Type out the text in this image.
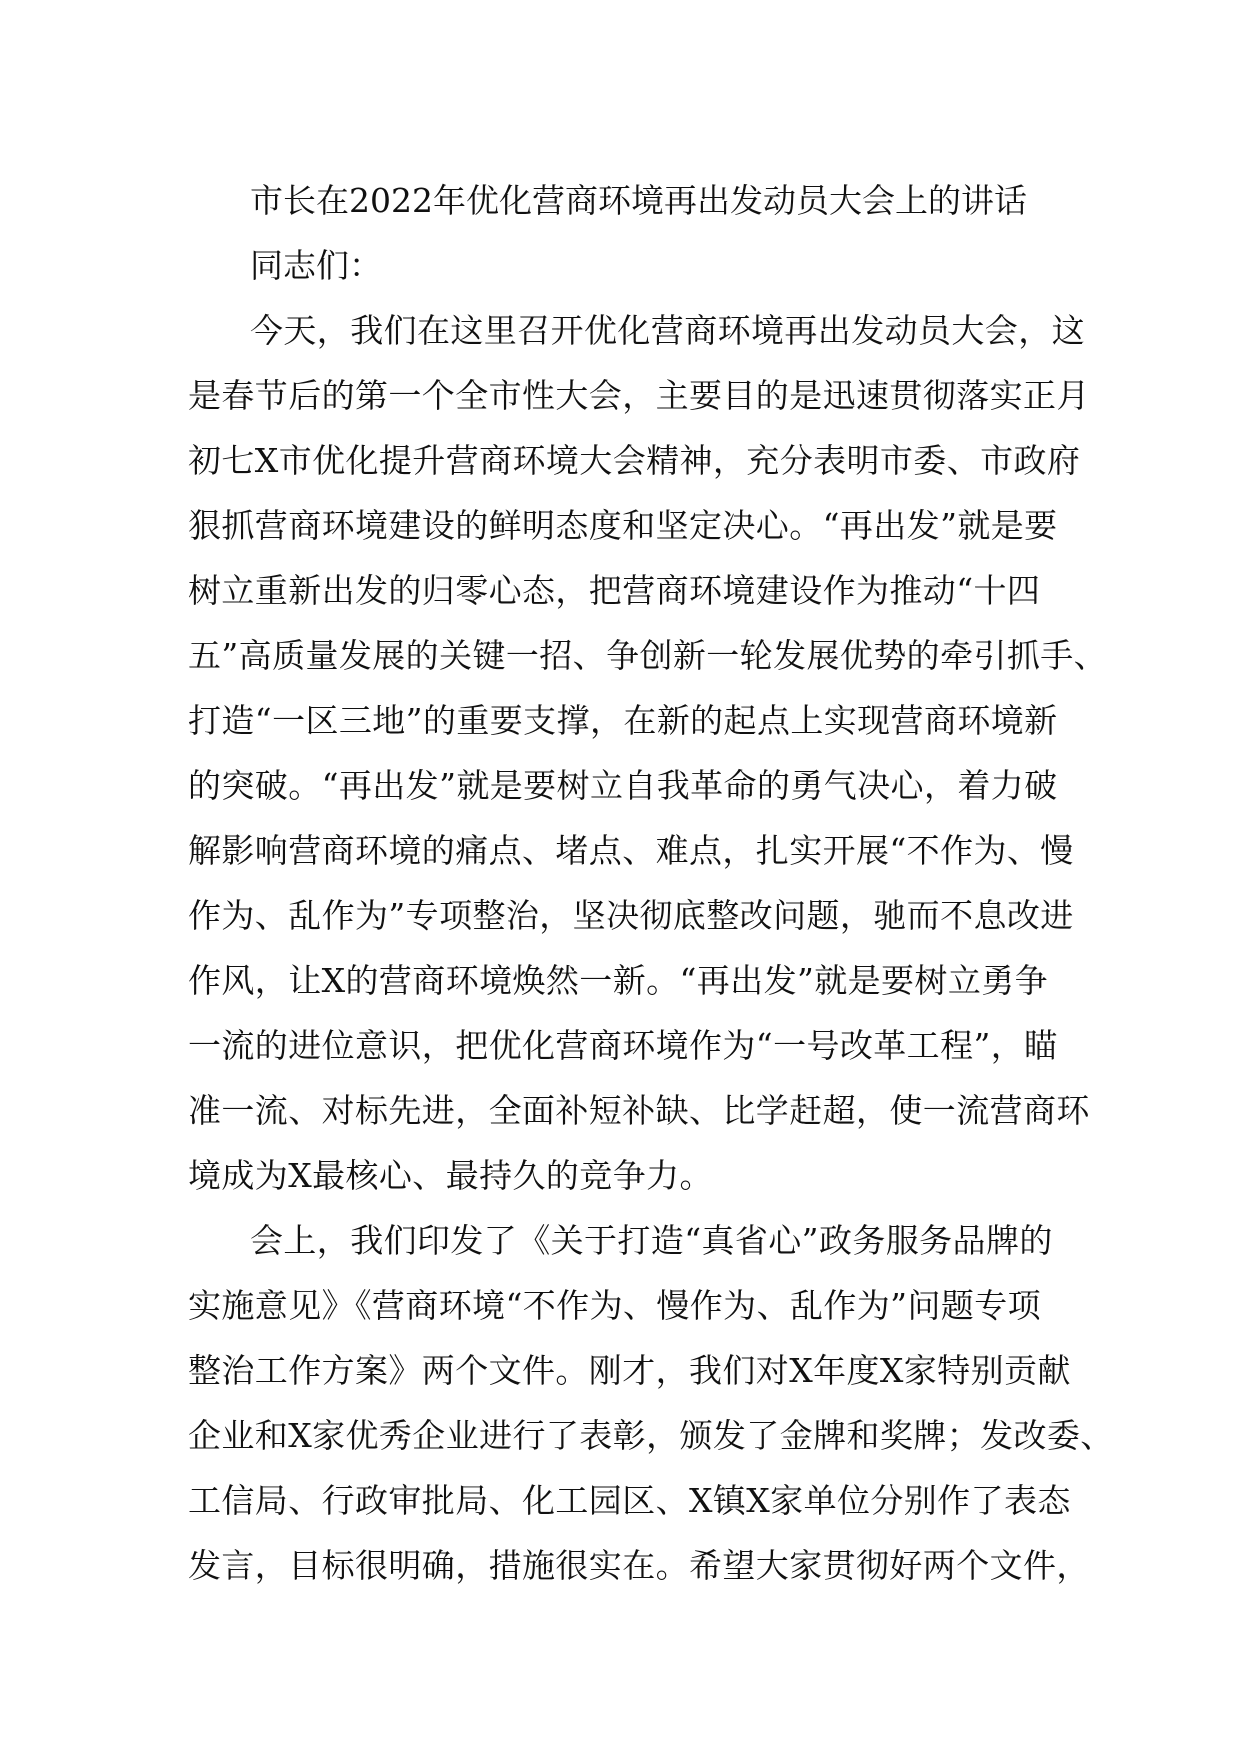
市长在2022年优化营商环境再出发动员大会上的讲话

同志们：

今天，我们在这里召开优化营商环境再出发动员大会，这
是春节后的第一个全市性大会，主要目的是迅速贯彻落实正月
初七X市优化提升营商环境大会精神，充分表明市委、市政府
狠抓营商环境建设的鲜明态度和坚定决心。“再出发”就是要
树立重新出发的归零心态，把营商环境建设作为推动“十四
五”高质量发展的关键一招、争创新一轮发展优势的牵引抓手、
打造“一区三地”的重要支撑，在新的起点上实现营商环境新
的突破。“再出发”就是要树立自我革命的勇气决心，着力破
解影响营商环境的痛点、堵点、难点，扎实开展“不作为、慢
作为、乱作为”专项整治，坚决彻底整改问题，驰而不息改进
作风，让X的营商环境焕然一新。“再出发”就是要树立勇争
一流的进位意识，把优化营商环境作为“一号改革工程”，瞄
准一流、对标先进，全面补短补缺、比学赶超，使一流营商环
境成为X最核心、最持久的竞争力。
会上，我们印发了《关于打造“真省心”政务服务品牌的
实施意见》《营商环境“不作为、慢作为、乱作为”问题专项
整治工作方案》两个文件。刚才，我们对X年度X家特别贡献
企业和X家优秀企业进行了表彰，颁发了金牌和奖牌；发改委、
工信局、行政审批局、化工园区、X镇X家单位分别作了表态
发言，目标很明确，措施很实在。希望大家贯彻好两个文件，
